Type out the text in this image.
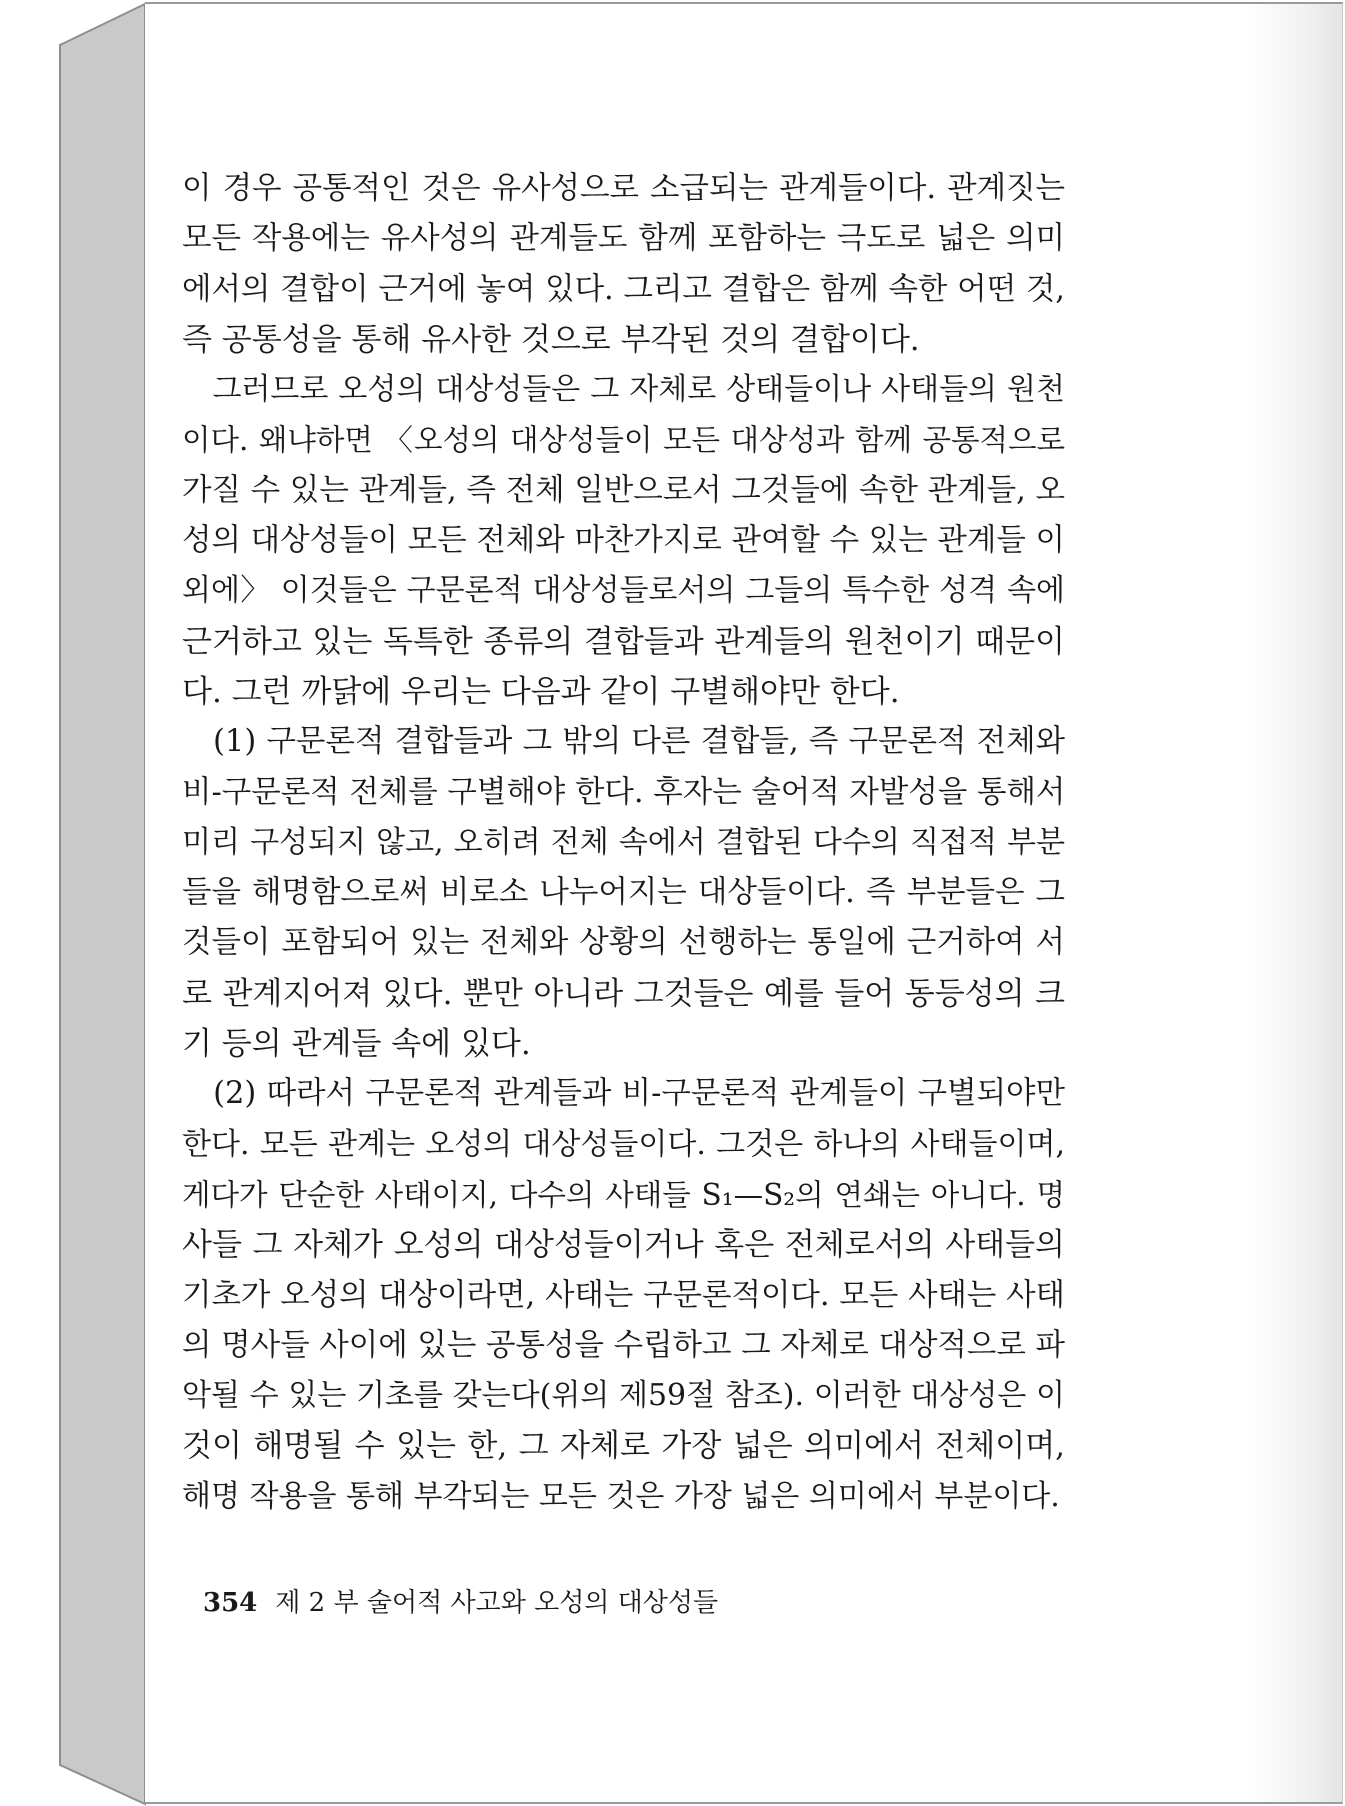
이 경우 공통적인 것은 유사성으로 소급되는 관계들이다. 관계짓는
모든 작용에는 유사성의 관계들도 함께 포함하는 극도로 넓은 의미
에서의 결합이 근거에 놓여 있다. 그리고 결합은 함께 속한 어떤 것,
즉 공통성을 통해 유사한 것으로 부각된 것의 결합이다.
　그러므로 오성의 대상성들은 그 자체로 상태들이나 사태들의 원천
이다. 왜냐하면 〈오성의 대상성들이 모든 대상성과 함께 공통적으로
가질 수 있는 관계들, 즉 전체 일반으로서 그것들에 속한 관계들, 오
성의 대상성들이 모든 전체와 마찬가지로 관여할 수 있는 관계들 이
외에〉 이것들은 구문론적 대상성들로서의 그들의 특수한 성격 속에
근거하고 있는 독특한 종류의 결합들과 관계들의 원천이기 때문이
다. 그런 까닭에 우리는 다음과 같이 구별해야만 한다.
　(1) 구문론적 결합들과 그 밖의 다른 결합들, 즉 구문론적 전체와
비-구문론적 전체를 구별해야 한다. 후자는 술어적 자발성을 통해서
미리 구성되지 않고, 오히려 전체 속에서 결합된 다수의 직접적 부분
들을 해명함으로써 비로소 나누어지는 대상들이다. 즉 부분들은 그
것들이 포함되어 있는 전체와 상황의 선행하는 통일에 근거하여 서
로 관계지어져 있다. 뿐만 아니라 그것들은 예를 들어 동등성의 크
기 등의 관계들 속에 있다.
　(2) 따라서 구문론적 관계들과 비-구문론적 관계들이 구별되야만
한다. 모든 관계는 오성의 대상성들이다. 그것은 하나의 사태들이며,
게다가 단순한 사태이지, 다수의 사태들 S₁—S₂의 연쇄는 아니다. 명
사들 그 자체가 오성의 대상성들이거나 혹은 전체로서의 사태들의
기초가 오성의 대상이라면, 사태는 구문론적이다. 모든 사태는 사태
의 명사들 사이에 있는 공통성을 수립하고 그 자체로 대상적으로 파
악될 수 있는 기초를 갖는다(위의 제59절 참조). 이러한 대상성은 이
것이 해명될 수 있는 한, 그 자체로 가장 넓은 의미에서 전체이며,
해명 작용을 통해 부각되는 모든 것은 가장 넓은 의미에서 부분이다.
354 제 2 부 술어적 사고와 오성의 대상성들
